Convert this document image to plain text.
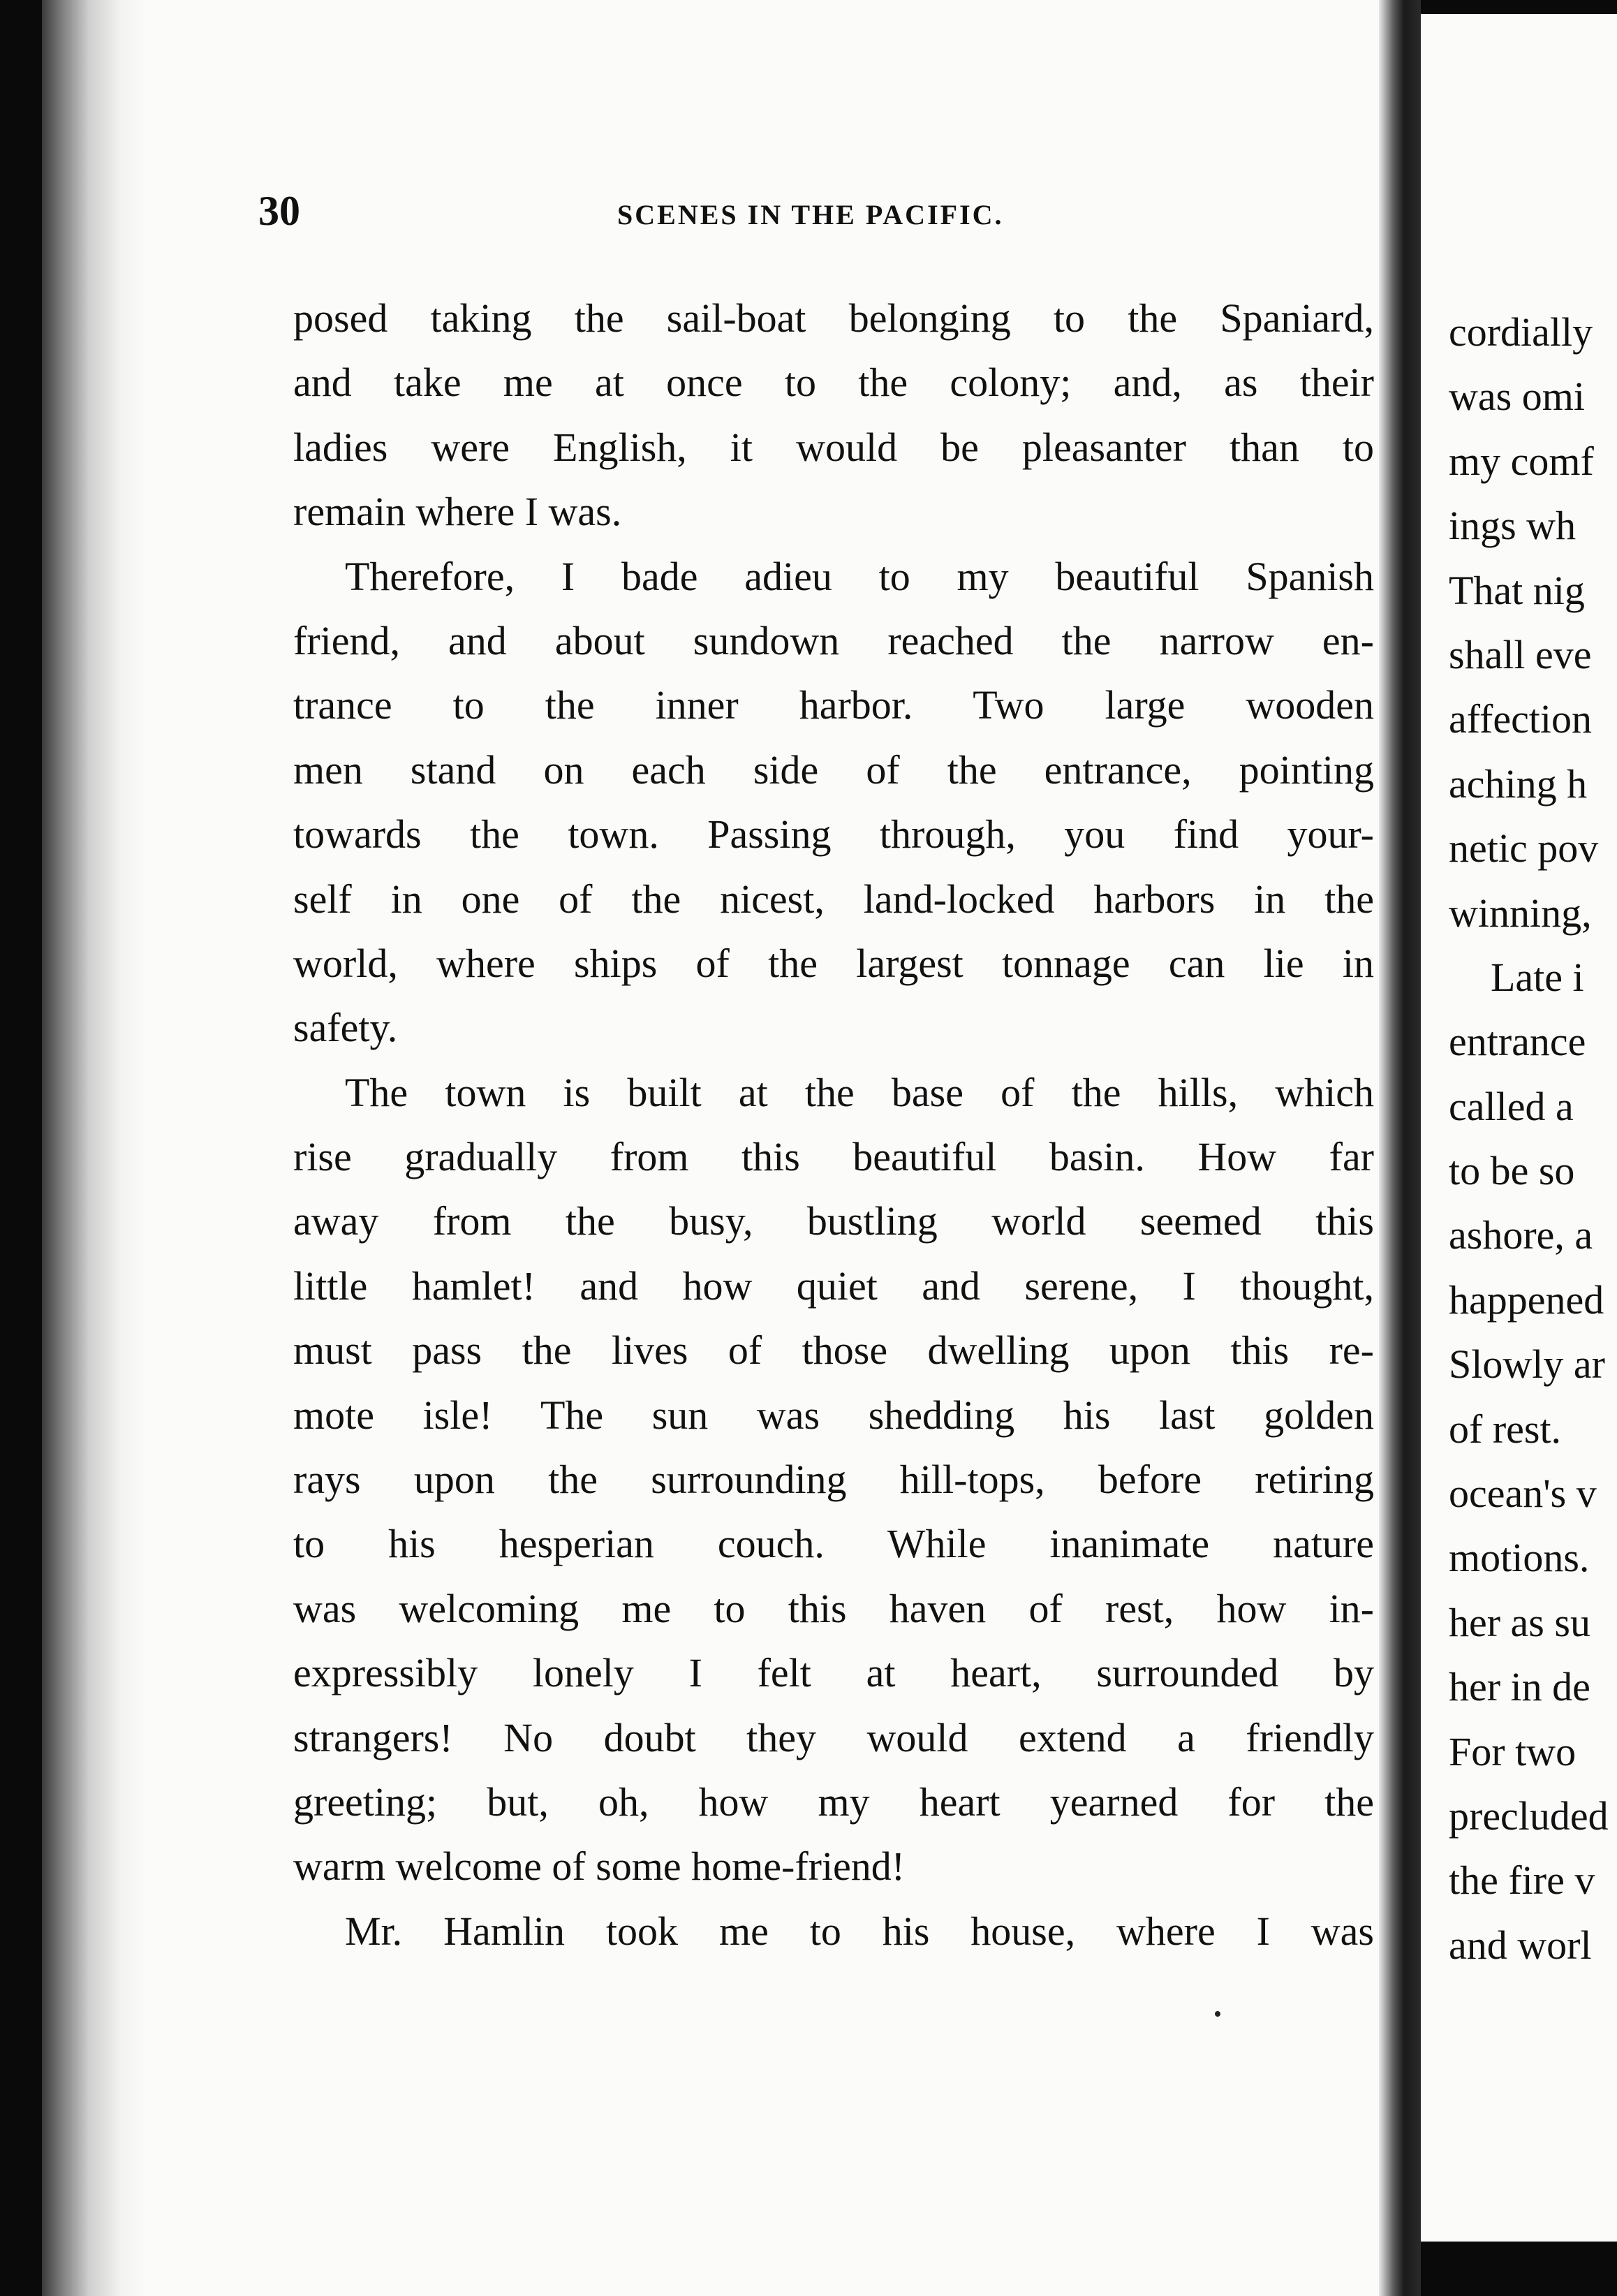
30	SCENES IN THE PACIFIC.
posed taking the sail-boat belonging to the Spaniard,
and take me at once to the colony; and, as their
ladies were English, it would be pleasanter than to
remain where I was.
Therefore, I bade adieu to my beautiful Spanish
friend, and about sundown reached the narrow en-
trance to the inner harbor. Two large wooden
men stand on each side of the entrance, pointing
towards the town. Passing through, you find your-
self in one of the nicest, land-locked harbors in the
world, where ships of the largest tonnage can lie in
safety.
The town is built at the base of the hills, which
rise gradually from this beautiful basin. How far
away from the busy, bustling world seemed this
little hamlet! and how quiet and serene, I thought,
must pass the lives of those dwelling upon this re-
mote isle! The sun was shedding his last golden
rays upon the surrounding hill-tops, before retiring
to his hesperian couch. While inanimate nature
was welcoming me to this haven of rest, how in-
expressibly lonely I felt at heart, surrounded by
strangers! No doubt they would extend a friendly
greeting; but, oh, how my heart yearned for the
warm welcome of some home-friend!
Mr. Hamlin took me to his house, where I was
cordially
was omi
my comf
ings wh
That nig
shall eve
affection
aching h
netic pov
winning,
Late i
entrance
called a
to be so
ashore, a
happened
Slowly ar
of rest.
ocean's v
motions.
her as su
her in de
For two
precluded
the fire v
and worl
